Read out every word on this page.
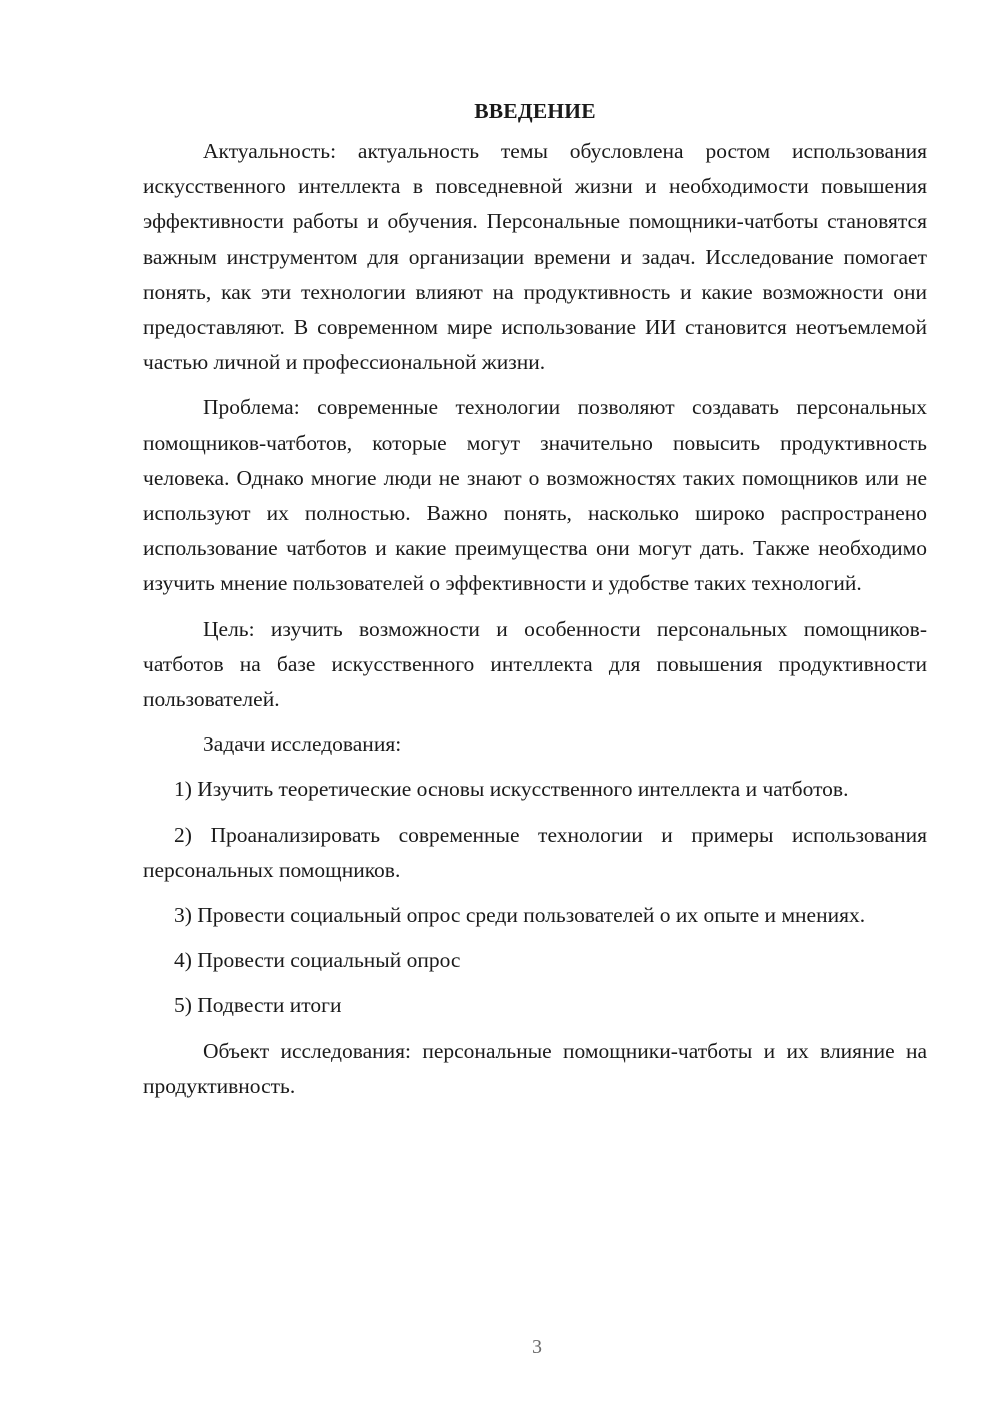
ВВЕДЕНИЕ

Актуальность: актуальность темы обусловлена ростом использования искусственного интеллекта в повседневной жизни и необходимости повышения эффективности работы и обучения. Персональные помощники-чатботы становятся важным инструментом для организации времени и задач. Исследование помогает понять, как эти технологии влияют на продуктивность и какие возможности они предоставляют. В современном мире использование ИИ становится неотъемлемой частью личной и профессиональной жизни.

Проблема: современные технологии позволяют создавать персональных помощников-чатботов, которые могут значительно повысить продуктивность человека. Однако многие люди не знают о возможностях таких помощников или не используют их полностью. Важно понять, насколько широко распространено использование чатботов и какие преимущества они могут дать. Также необходимо изучить мнение пользователей о эффективности и удобстве таких технологий.

Цель: изучить возможности и особенности персональных помощников-чатботов на базе искусственного интеллекта для повышения продуктивности пользователей.

Задачи исследования:

1) Изучить теоретические основы искусственного интеллекта и чатботов.

2) Проанализировать современные технологии и примеры использования персональных помощников.

3) Провести социальный опрос среди пользователей о их опыте и мнениях.

4) Провести социальный опрос

5) Подвести итоги

Объект исследования: персональные помощники-чатботы и их влияние на продуктивность.

3
